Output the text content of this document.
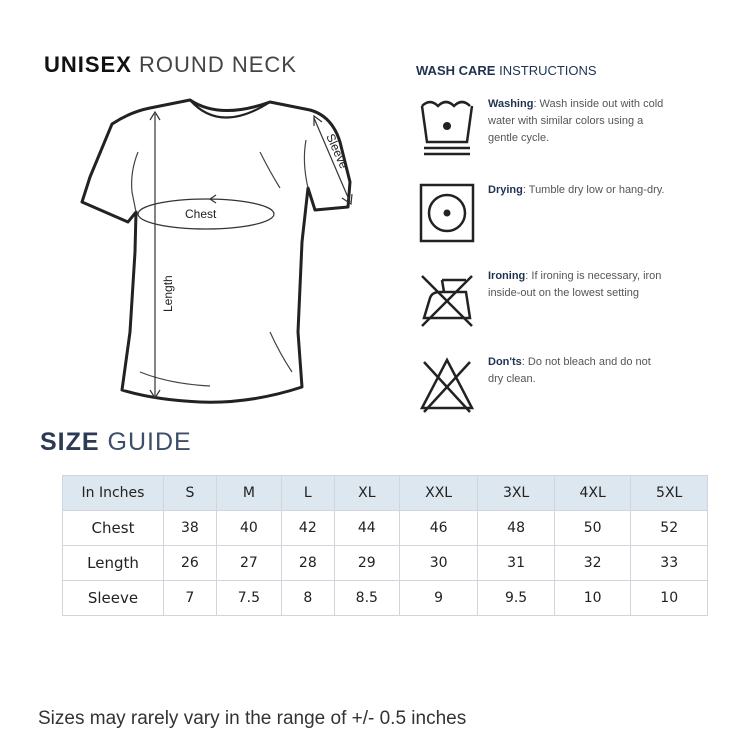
UNISEX ROUND NECK
Chest
Length
Sleeve
WASH CARE INSTRUCTIONS
Washing: Wash inside out with cold water with similar colors using a gentle cycle.
Drying: Tumble dry low or hang-dry.
Ironing: If ironing is necessary, iron inside-out on the lowest setting
Don'ts: Do not bleach and do not dry clean.
SIZE GUIDE
In Inches	S	M	L	XL	XXL	3XL	4XL	5XL
Chest	38	40	42	44	46	48	50	52
Length	26	27	28	29	30	31	32	33
Sleeve	7	7.5	8	8.5	9	9.5	10	10
Sizes may rarely vary in the range of +/- 0.5 inches
